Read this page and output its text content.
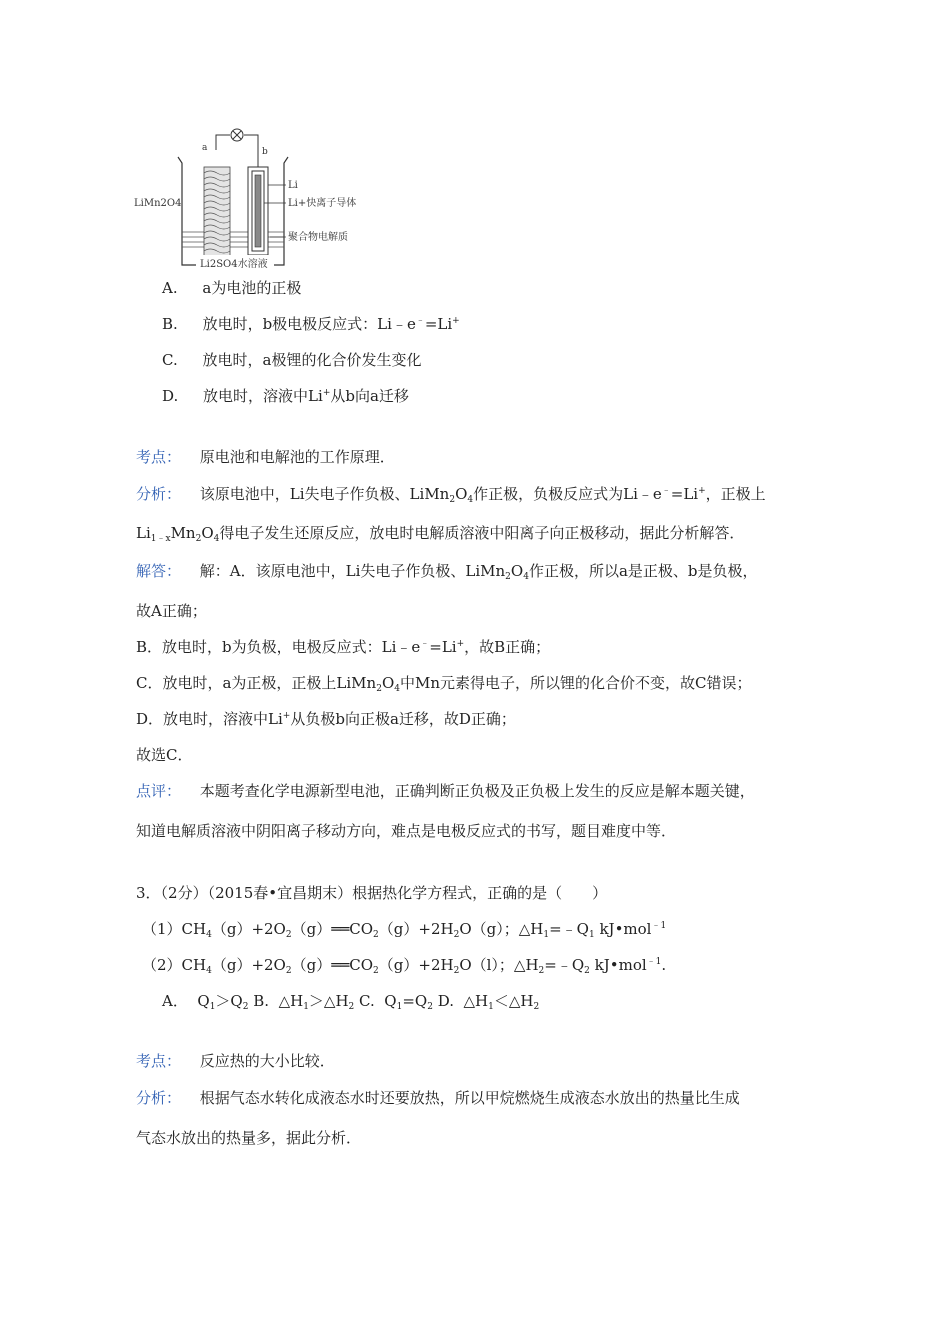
a	b
Li
Li+快离子导体
聚合物电解质
LiMn2O4
Li2SO4水溶液
A. a为电池的正极
B. 放电时，b极电极反应式：Li﹣e﹣=Li+
C. 放电时，a极锂的化合价发生变化
D. 放电时，溶液中Li+从b向a迁移
考点： 原电池和电解池的工作原理．
分析： 该原电池中，Li失电子作负极、$LiMn_2O_4$作正极，负极反应式为Li﹣e﹣=Li+，正极上
$Li_{1﹣x}Mn_2O_4$得电子发生还原反应，放电时电解质溶液中阳离子向正极移动，据此分析解答．
解答： 解：A．该原电池中，Li失电子作负极、$LiMn_2O_4$作正极，所以a是正极、b是负极，
故A正确；
B．放电时，b为负极，电极反应式：Li﹣e﹣=Li+，故B正确；
C．放电时，a为正极，正极上$LiMn_2O_4$中Mn元素得电子，所以锂的化合价不变，故C错误；
D．放电时，溶液中Li+从负极b向正极a迁移，故D正确；
故选C．
点评： 本题考查化学电源新型电池，正确判断正负极及正负极上发生的反应是解本题关键，
知道电解质溶液中阴阳离子移动方向，难点是电极反应式的书写，题目难度中等．
3．（2分）（2015春•宜昌期末）根据热化学方程式，正确的是（　　）
$(1)CH_4(g)+2O_2(g)══CO_2(g)+2H_2O(g)$；$\triangle H_1=﹣Q_1$ kJ•mol$^{﹣1}$
$(2)CH_4(g)+2O_2(g)══CO_2(g)+2H_2O(l)$；$\triangle H_2=﹣Q_2$ kJ•mol$^{﹣1}$.
A．  $Q_1>Q_2$ B.  $\triangle H_1>\triangle H_2$ C.  $Q_1=Q_2$ D.  $\triangle H_1<\triangle H_2$
考点： 反应热的大小比较．
分析： 根据气态水转化成液态水时还要放热，所以甲烷燃烧生成液态水放出的热量比生成
气态水放出的热量多，据此分析．
